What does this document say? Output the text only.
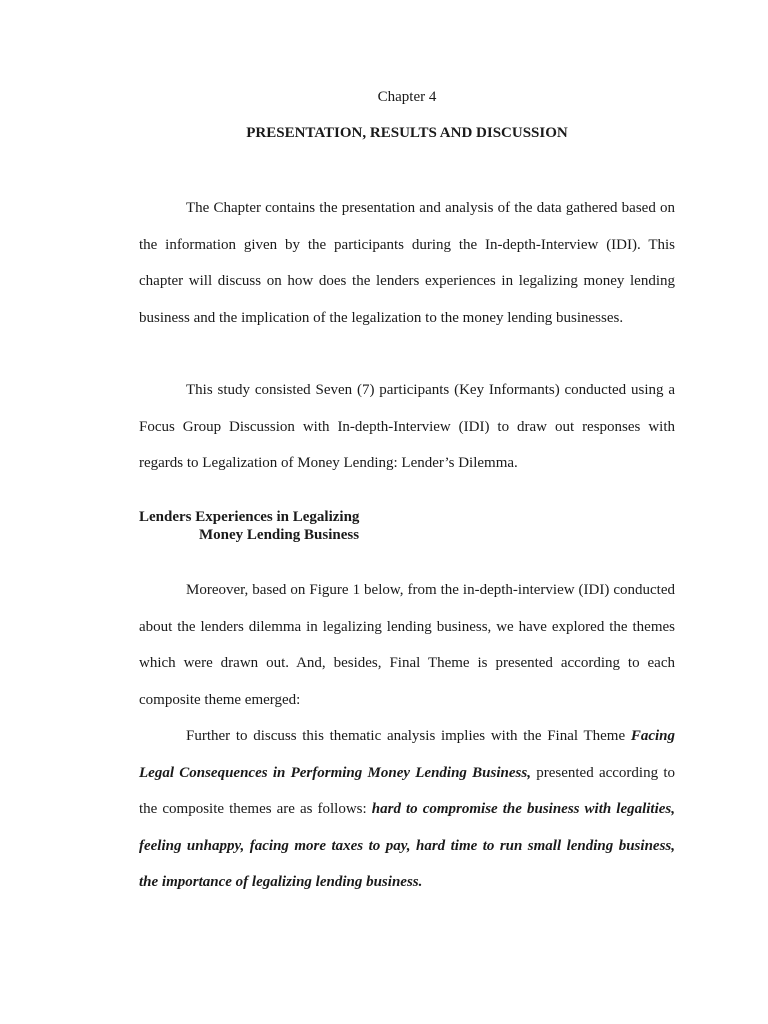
Chapter 4
PRESENTATION, RESULTS AND DISCUSSION

The Chapter contains the presentation and analysis of the data gathered based on the information given by the participants during the In-depth-Interview (IDI). This chapter will discuss on how does the lenders experiences in legalizing money lending business and the implication of the legalization to the money lending businesses.

This study consisted Seven (7) participants (Key Informants) conducted using a Focus Group Discussion with In-depth-Interview (IDI) to draw out responses with regards to Legalization of Money Lending: Lender’s Dilemma.

Lenders Experiences in Legalizing
Money Lending Business

Moreover, based on Figure 1 below, from the in-depth-interview (IDI) conducted about the lenders dilemma in legalizing lending business, we have explored the themes which were drawn out. And, besides, Final Theme is presented according to each composite theme emerged:

Further to discuss this thematic analysis implies with the Final Theme Facing Legal Consequences in Performing Money Lending Business, presented according to the composite themes are as follows: hard to compromise the business with legalities, feeling unhappy, facing more taxes to pay, hard time to run small lending business, the importance of legalizing lending business.
